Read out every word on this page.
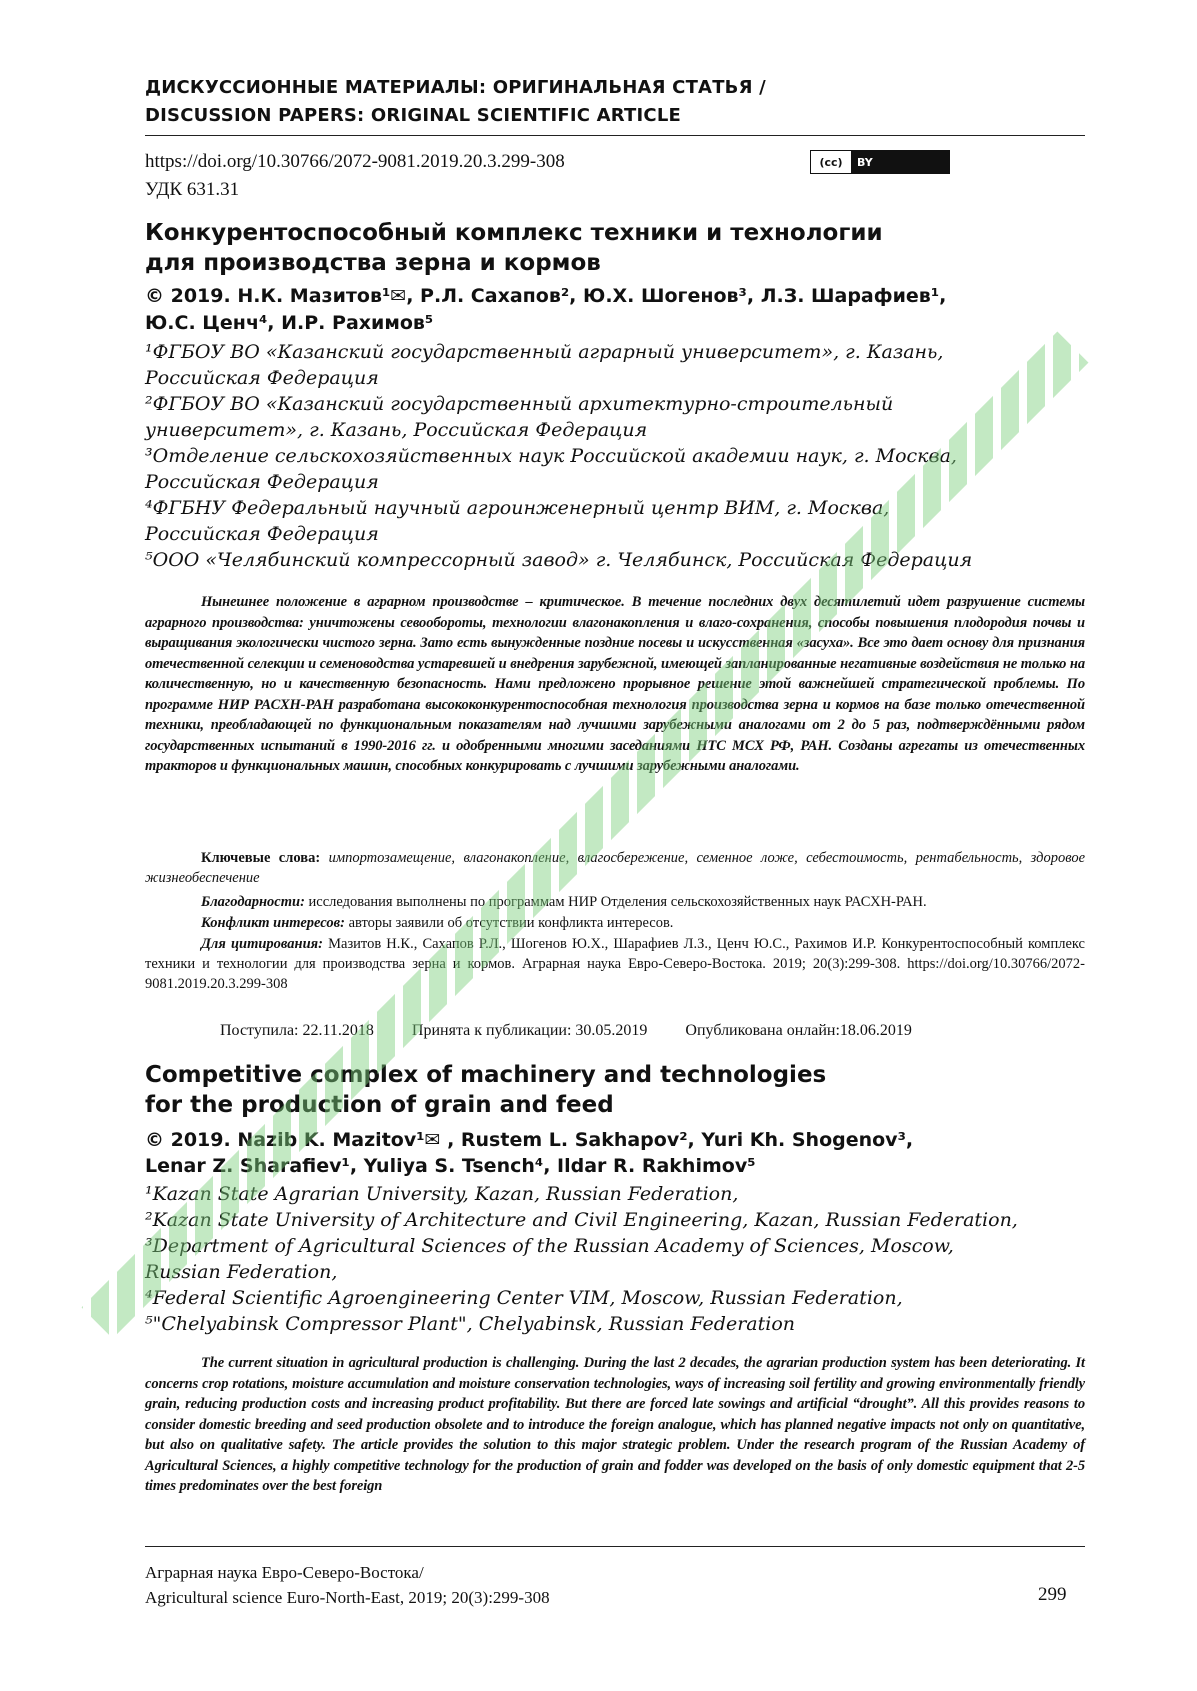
ДИСКУССИОННЫЕ МАТЕРИАЛЫ: ОРИГИНАЛЬНАЯ СТАТЬЯ /
DISCUSSION PAPERS: ORIGINAL SCIENTIFIC ARTICLE
https://doi.org/10.30766/2072-9081.2019.20.3.299-308
УДК 631.31
(cc)	BY
Конкурентоспособный комплекс техники и технологии
для производства зерна и кормов
© 2019. Н.К. Мазитов¹✉, Р.Л. Сахапов², Ю.Х. Шогенов³, Л.З. Шарафиев¹,
Ю.С. Ценч⁴, И.Р. Рахимов⁵
¹ФГБОУ ВО «Казанский государственный аграрный университет», г. Казань,
Российская Федерация
²ФГБОУ ВО «Казанский государственный архитектурно-строительный
университет», г. Казань, Российская Федерация
³Отделение сельскохозяйственных наук Российской академии наук, г. Москва,
Российская Федерация
⁴ФГБНУ Федеральный научный агроинженерный центр ВИМ, г. Москва,
Российская Федерация
⁵ООО «Челябинский компрессорный завод» г. Челябинск, Российская Федерация
Нынешнее положение в аграрном производстве – критическое. В течение последних двух десятилетий идет разрушение системы аграрного производства: уничтожены севообороты, технологии влагонакопления и влаго-сохранения, способы повышения плодородия почвы и выращивания экологически чистого зерна. Зато есть вынужденные поздние посевы и искусственная «засуха». Все это дает основу для признания отечественной селекции и семеноводства устаревшей и внедрения зарубежной, имеющей запланированные негативные воздействия не только на количественную, но и качественную безопасность. Нами предложено прорывное решение этой важнейшей стратегической проблемы. По программе НИР РАСХН-РАН разработана высококонкурентоспособная технология производства зерна и кормов на базе только отечественной техники, преобладающей по функциональным показателям над лучшими зарубежными аналогами от 2 до 5 раз, подтверждёнными рядом государственных испытаний в 1990-2016 гг. и одобренными многими заседаниями НТС МСХ РФ, РАН. Созданы агрегаты из отечественных тракторов и функциональных машин, способных конкурировать с лучшими зарубежными аналогами.
Ключевые слова: импортозамещение, влагонакопление, влагосбережение, семенное ложе, себестоимость, рентабельность, здоровое жизнеобеспечение
Благодарности: исследования выполнены по программам НИР Отделения сельскохозяйственных наук РАСХН-РАН.
Конфликт интересов: авторы заявили об отсутствии конфликта интересов.
Для цитирования: Мазитов Н.К., Сахапов Р.Л., Шогенов Ю.Х., Шарафиев Л.З., Ценч Ю.С., Рахимов И.Р. Конкурентоспособный комплекс техники и технологии для производства зерна и кормов. Аграрная наука Евро-Северо-Востока. 2019; 20(3):299-308. https://doi.org/10.30766/2072-9081.2019.20.3.299-308
Поступила: 22.11.2018 Принята к публикации: 30.05.2019 Опубликована онлайн:18.06.2019
Competitive complex of machinery and technologies
for the production of grain and feed
© 2019. Nazib K. Mazitov¹✉ , Rustem L. Sakhapov², Yuri Kh. Shogenov³,
Lenar Z. Sharafiev¹, Yuliya S. Tsench⁴, Ildar R. Rakhimov⁵
¹Kazan State Agrarian University, Kazan, Russian Federation,
²Kazan State University of Architecture and Civil Engineering, Kazan, Russian Federation,
³Department of Agricultural Sciences of the Russian Academy of Sciences, Moscow,
Russian Federation,
⁴Federal Scientific Agroengineering Center VIM, Moscow, Russian Federation,
⁵"Chelyabinsk Compressor Plant", Chelyabinsk, Russian Federation
The current situation in agricultural production is challenging. During the last 2 decades, the agrarian production system has been deteriorating. It concerns crop rotations, moisture accumulation and moisture conservation technologies, ways of increasing soil fertility and growing environmentally friendly grain, reducing production costs and increasing product profitability. But there are forced late sowings and artificial “drought”. All this provides reasons to consider domestic breeding and seed production obsolete and to introduce the foreign analogue, which has planned negative impacts not only on quantitative, but also on qualitative safety. The article provides the solution to this major strategic problem. Under the research program of the Russian Academy of Agricultural Sciences, a highly competitive technology for the production of grain and fodder was developed on the basis of only domestic equipment that 2-5 times predominates over the best foreign
Аграрная наука Евро-Северо-Востока/
Agricultural science Euro-North-East, 2019; 20(3):299-308	299
